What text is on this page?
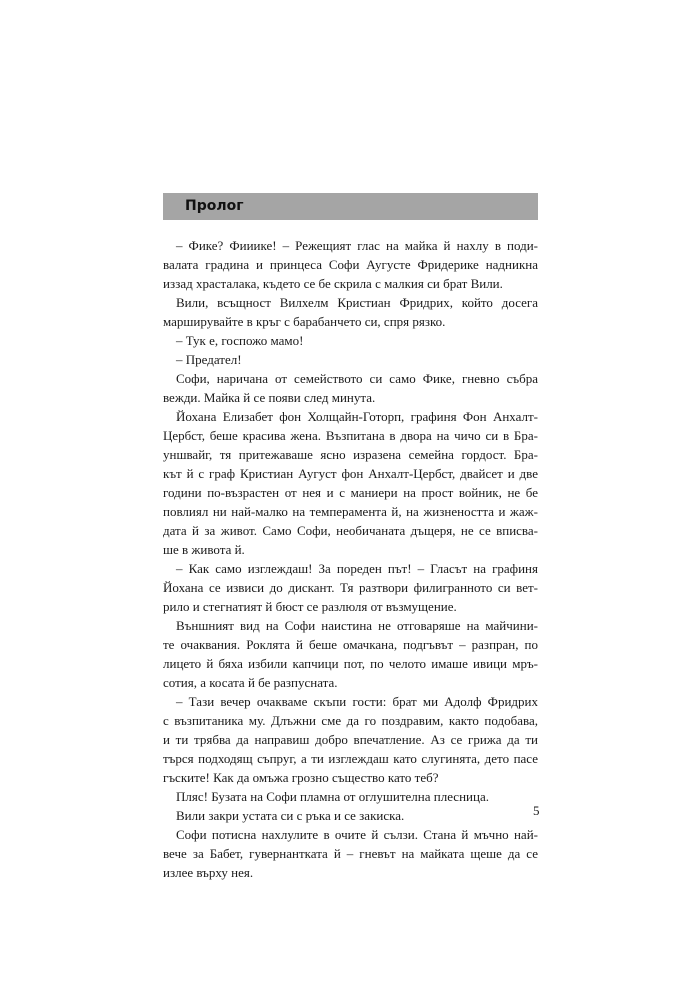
Пролог
– Фике? Фииике! – Режещият глас на майка й нахлу в поди-
валата градина и принцеса Софи Аугусте Фридерике надникна
иззад храсталака, където се бе скрила с малкия си брат Вили.
Вили, всъщност Вилхелм Кристиан Фридрих, който досега
марширувайте в кръг с барабанчето си, спря рязко.
– Тук е, госпожо мамо!
– Предател!
Софи, наричана от семейството си само Фике, гневно събра
вежди. Майка й се появи след минута.
Йохана Елизабет фон Холщайн-Готорп, графиня Фон Анхалт-
Цербст, беше красива жена. Възпитана в двора на чичо си в Бра-
уншвайг, тя притежаваше ясно изразена семейна гордост. Бра-
кът й с граф Кристиан Аугуст фон Анхалт-Цербст, двайсет и две
години по-възрастен от нея и с маниери на прост войник, не бе
повлиял ни най-малко на темперамента й, на жизнеността и жаж-
дата й за живот. Само Софи, необичаната дъщеря, не се вписва-
ше в живота й.
– Как само изглеждаш! За пореден път! – Гласът на графиня
Йохана се извиси до дискант. Тя разтвори филигранното си вет-
рило и стегнатият й бюст се разлюля от възмущение.
Външният вид на Софи наистина не отговаряше на майчини-
те очаквания. Роклята й беше омачкана, подгъвът – разпран, по
лицето й бяха избили капчици пот, по челото имаше ивици мръ-
сотия, а косата й бе разпусната.
– Тази вечер очакваме скъпи гости: брат ми Адолф Фридрих
с възпитаника му. Длъжни сме да го поздравим, както подобава,
и ти трябва да направиш добро впечатление. Аз се грижа да ти
търся подходящ съпруг, а ти изглеждаш като слугинята, дето пасе
гъските! Как да омъжа грозно същество като теб?
Пляс! Бузата на Софи пламна от оглушителна плесница.
Вили закри устата си с ръка и се закиска.
Софи потисна нахлулите в очите й сълзи. Стана й мъчно най-
вече за Бабет, гувернантката й – гневът на майката щеше да се
излее върху нея.
5
